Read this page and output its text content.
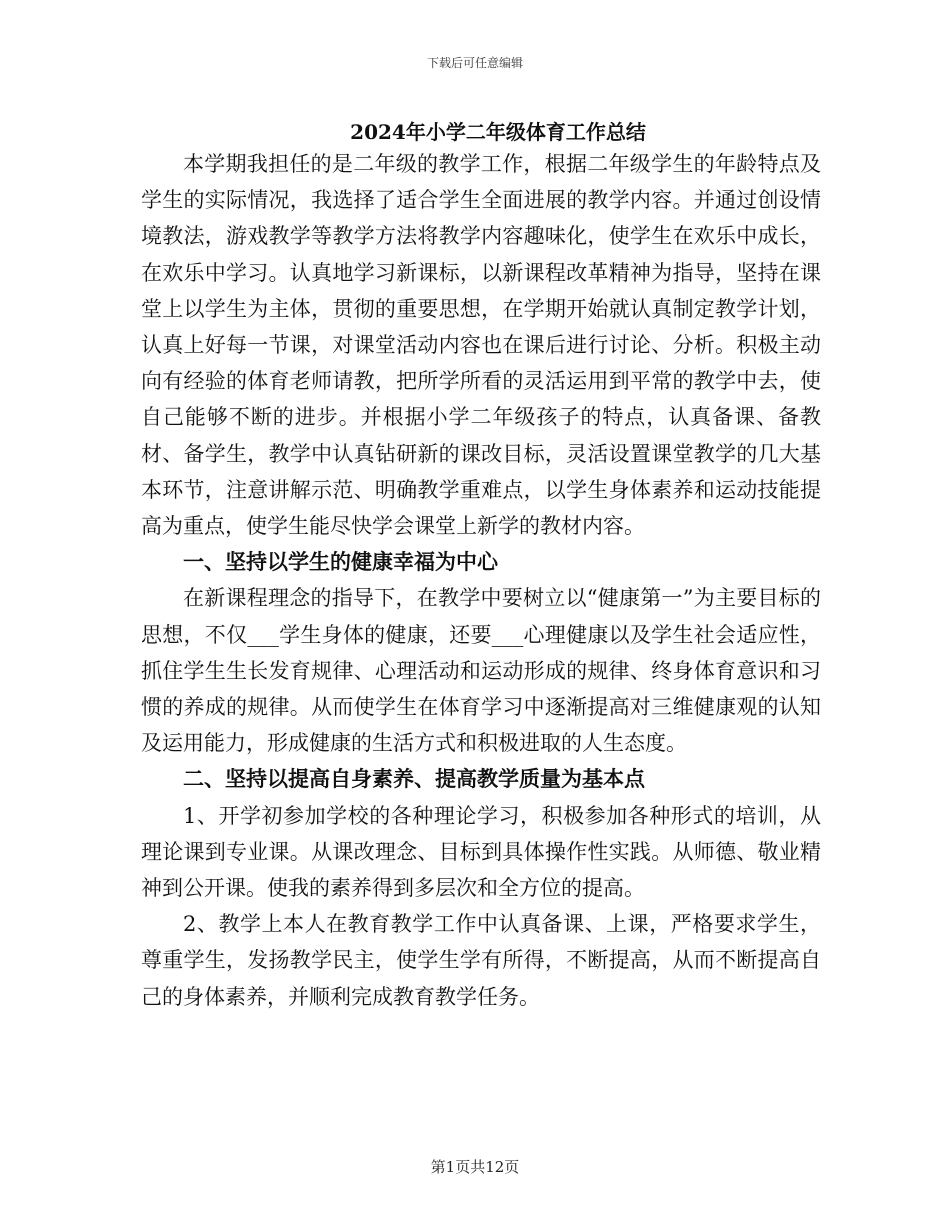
下载后可任意编辑
2024年小学二年级体育工作总结

本学期我担任的是二年级的教学工作，根据二年级学生的年龄特点及学生的实际情况，我选择了适合学生全面进展的教学内容。并通过创设情境教法，游戏教学等教学方法将教学内容趣味化，使学生在欢乐中成长，在欢乐中学习。认真地学习新课标，以新课程改革精神为指导，坚持在课堂上以学生为主体，贯彻的重要思想，在学期开始就认真制定教学计划，认真上好每一节课，对课堂活动内容也在课后进行讨论、分析。积极主动向有经验的体育老师请教，把所学所看的灵活运用到平常的教学中去，使自己能够不断的进步。并根据小学二年级孩子的特点，认真备课、备教材、备学生，教学中认真钻研新的课改目标，灵活设置课堂教学的几大基本环节，注意讲解示范、明确教学重难点，以学生身体素养和运动技能提高为重点，使学生能尽快学会课堂上新学的教材内容。

一、坚持以学生的健康幸福为中心

在新课程理念的指导下，在教学中要树立以“健康第一”为主要目标的思想，不仅___学生身体的健康，还要___心理健康以及学生社会适应性，抓住学生生长发育规律、心理活动和运动形成的规律、终身体育意识和习惯的养成的规律。从而使学生在体育学习中逐渐提高对三维健康观的认知及运用能力，形成健康的生活方式和积极进取的人生态度。

二、坚持以提高自身素养、提高教学质量为基本点

1、开学初参加学校的各种理论学习，积极参加各种形式的培训，从理论课到专业课。从课改理念、目标到具体操作性实践。从师德、敬业精神到公开课。使我的素养得到多层次和全方位的提高。

2、教学上本人在教育教学工作中认真备课、上课，严格要求学生，尊重学生，发扬教学民主，使学生学有所得，不断提高，从而不断提高自己的身体素养，并顺利完成教育教学任务。

第1页共12页
